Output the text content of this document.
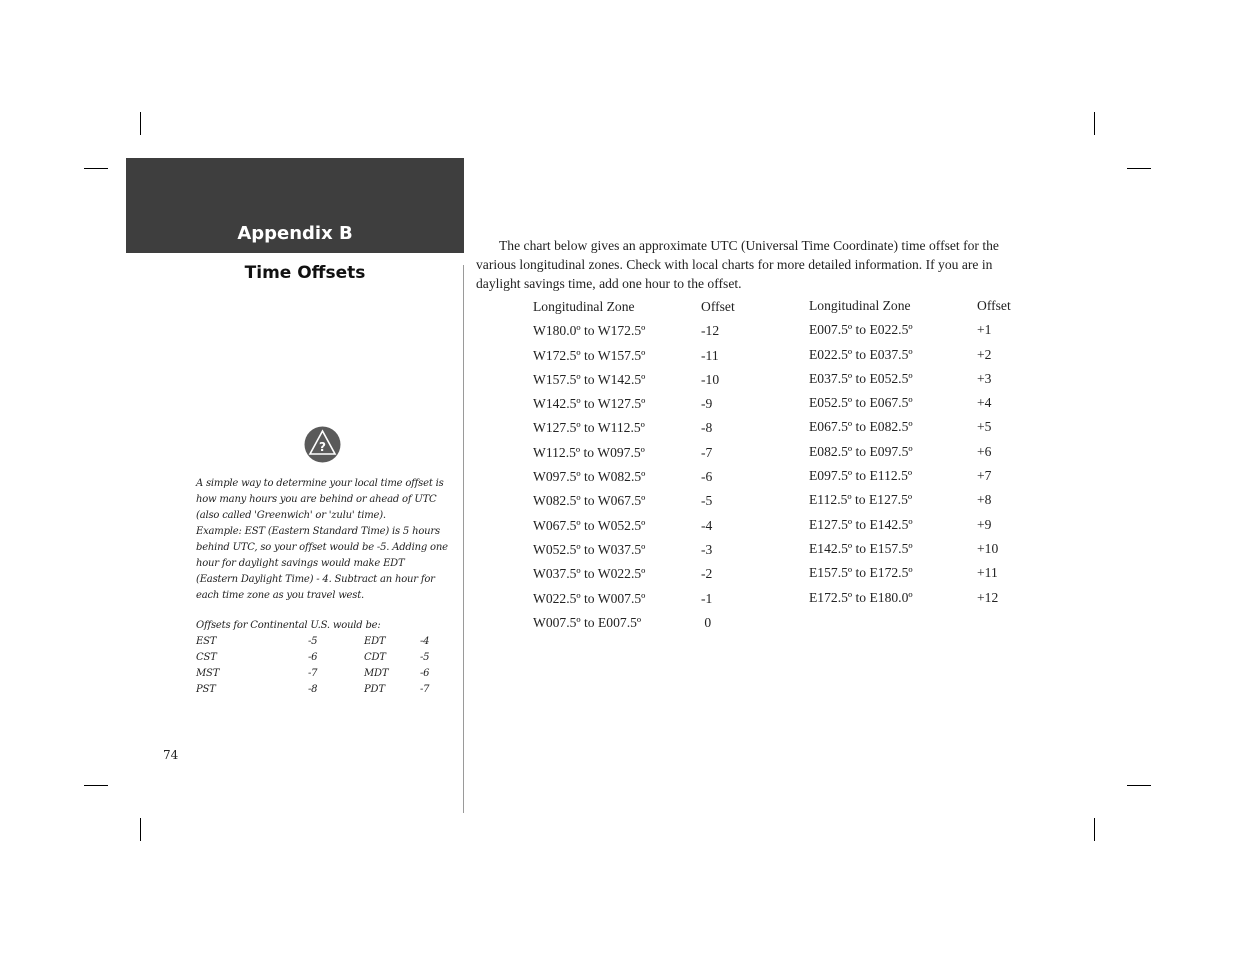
Appendix B
Time Offsets
?

A simple way to determine your local time offset is how many hours you are behind or ahead of UTC (also called 'Greenwich' or 'zulu' time).

Example: EST (Eastern Standard Time) is 5 hours behind UTC, so your offset would be -5. Adding one hour for daylight savings would make EDT (Eastern Daylight Time) - 4. Subtract an hour for each time zone as you travel west.

Offsets for Continental U.S. would be:
EST	-5	EDT	-4
CST	-6	CDT	-5
MST	-7	MDT	-6
PST	-8	PDT	-7
74

The chart below gives an approximate UTC (Universal Time Coordinate) time offset for the various longitudinal zones. Check with local charts for more detailed information. If you are in daylight savings time, add one hour to the offset.

Longitudinal Zone	Offset
W180.0º to W172.5º	-12
W172.5º to W157.5º	-11
W157.5º to W142.5º	-10
W142.5º to W127.5º	-9
W127.5º to W112.5º	-8
W112.5º to W097.5º	-7
W097.5º to W082.5º	-6
W082.5º to W067.5º	-5
W067.5º to W052.5º	-4
W052.5º to W037.5º	-3
W037.5º to W022.5º	-2
W022.5º to W007.5º	-1
W007.5º to E007.5º	0
Longitudinal Zone	Offset
E007.5º to E022.5º	+1
E022.5º to E037.5º	+2
E037.5º to E052.5º	+3
E052.5º to E067.5º	+4
E067.5º to E082.5º	+5
E082.5º to E097.5º	+6
E097.5º to E112.5º	+7
E112.5º to E127.5º	+8
E127.5º to E142.5º	+9
E142.5º to E157.5º	+10
E157.5º to E172.5º	+11
E172.5º to E180.0º	+12
